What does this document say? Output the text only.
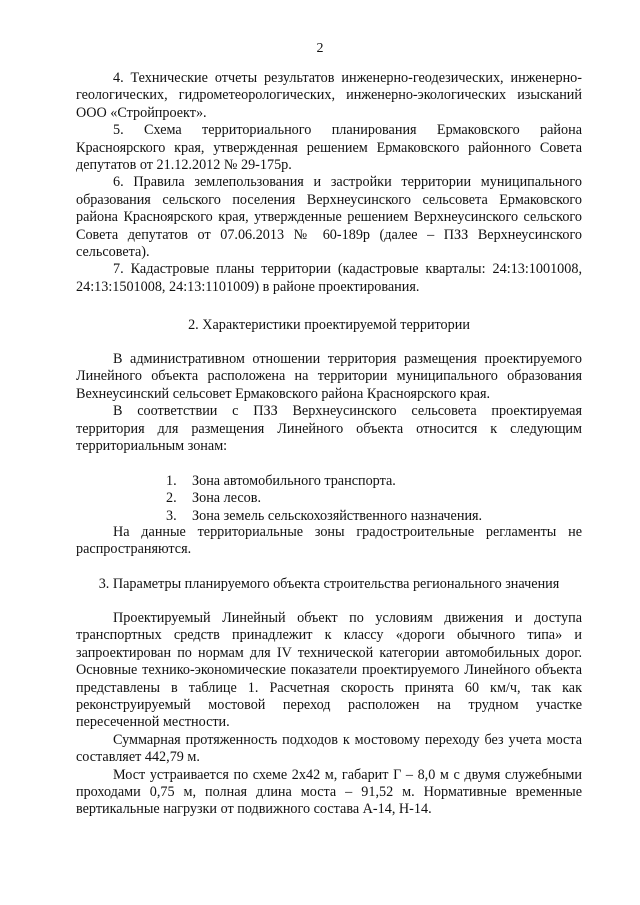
2

4. Технические отчеты результатов инженерно-геодезических, инженерно-геологических, гидрометеорологических, инженерно-экологических изысканий ООО «Стройпроект».

5. Схема территориального планирования Ермаковского района Красноярского края, утвержденная решением Ермаковского районного Совета депутатов от 21.12.2012 № 29-175р.

6. Правила землепользования и застройки территории муниципального образования сельского поселения Верхнеусинского сельсовета Ермаковского района Красноярского края, утвержденные решением Верхнеусинского сельского Совета депутатов от 07.06.2013 № 60-189р (далее – ПЗЗ Верхнеусинского сельсовета).

7. Кадастровые планы территории (кадастровые кварталы: 24:13:1001008, 24:13:1501008, 24:13:1101009) в районе проектирования.

2. Характеристики проектируемой территории

В административном отношении территория размещения проектируемого Линейного объекта расположена на территории муниципального образования Вехнеусинский сельсовет Ермаковского района Красноярского края.

В соответствии с ПЗЗ Верхнеусинского сельсовета проектируемая территория для размещения Линейного объекта относится к следующим территориальным зонам:

1.	Зона автомобильного транспорта.
2.	Зона лесов.
3.	Зона земель сельскохозяйственного назначения.

На данные территориальные зоны градостроительные регламенты не распространяются.

3. Параметры планируемого объекта строительства регионального значения

Проектируемый Линейный объект по условиям движения и доступа транспортных средств принадлежит к классу «дороги обычного типа» и запроектирован по нормам для IV технической категории автомобильных дорог. Основные технико-экономические показатели проектируемого Линейного объекта представлены в таблице 1. Расчетная скорость принята 60 км/ч, так как реконструируемый мостовой переход расположен на трудном участке пересеченной местности.

Суммарная протяженность подходов к мостовому переходу без учета моста составляет 442,79 м.

Мост устраивается по схеме 2х42 м, габарит Г – 8,0 м с двумя служебными проходами 0,75 м, полная длина моста – 91,52 м. Нормативные временные вертикальные нагрузки от подвижного состава А-14, Н-14.
